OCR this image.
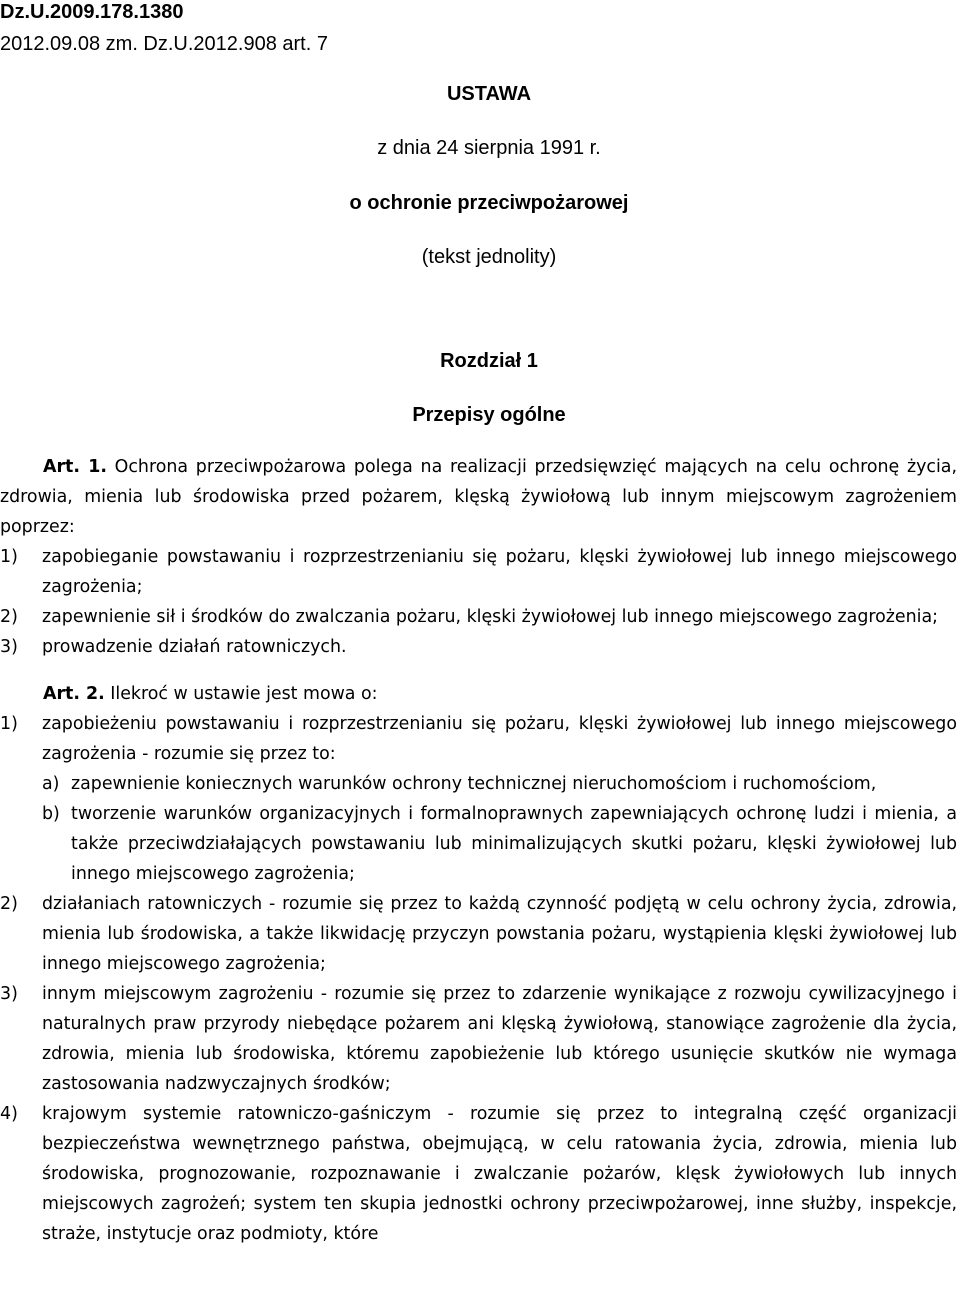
Dz.U.2009.178.1380
2012.09.08 zm. Dz.U.2012.908 art. 7
USTAWA
z dnia 24 sierpnia 1991 r.
o ochronie przeciwpożarowej
(tekst jednolity)
Rozdział 1
Przepisy ogólne

Art. 1. Ochrona przeciwpożarowa polega na realizacji przedsięwzięć mających na celu ochronę życia, zdrowia, mienia lub środowiska przed pożarem, klęską żywiołową lub innym miejscowym zagrożeniem poprzez:

1) zapobieganie powstawaniu i rozprzestrzenianiu się pożaru, klęski żywiołowej lub innego miejscowego zagrożenia;

2) zapewnienie sił i środków do zwalczania pożaru, klęski żywiołowej lub innego miejscowego zagrożenia;

3) prowadzenie działań ratowniczych.

Art. 2. Ilekroć w ustawie jest mowa o:

1) zapobieżeniu powstawaniu i rozprzestrzenianiu się pożaru, klęski żywiołowej lub innego miejscowego zagrożenia - rozumie się przez to:

a) zapewnienie koniecznych warunków ochrony technicznej nieruchomościom i ruchomościom,

b) tworzenie warunków organizacyjnych i formalnoprawnych zapewniających ochronę ludzi i mienia, a także przeciwdziałających powstawaniu lub minimalizujących skutki pożaru, klęski żywiołowej lub innego miejscowego zagrożenia;

2) działaniach ratowniczych - rozumie się przez to każdą czynność podjętą w celu ochrony życia, zdrowia, mienia lub środowiska, a także likwidację przyczyn powstania pożaru, wystąpienia klęski żywiołowej lub innego miejscowego zagrożenia;

3) innym miejscowym zagrożeniu - rozumie się przez to zdarzenie wynikające z rozwoju cywilizacyjnego i naturalnych praw przyrody niebędące pożarem ani klęską żywiołową, stanowiące zagrożenie dla życia, zdrowia, mienia lub środowiska, któremu zapobieżenie lub którego usunięcie skutków nie wymaga zastosowania nadzwyczajnych środków;

4) krajowym systemie ratowniczo-gaśniczym - rozumie się przez to integralną część organizacji bezpieczeństwa wewnętrznego państwa, obejmującą, w celu ratowania życia, zdrowia, mienia lub środowiska, prognozowanie, rozpoznawanie i zwalczanie pożarów, klęsk żywiołowych lub innych miejscowych zagrożeń; system ten skupia jednostki ochrony przeciwpożarowej, inne służby, inspekcje, straże, instytucje oraz podmioty, które
